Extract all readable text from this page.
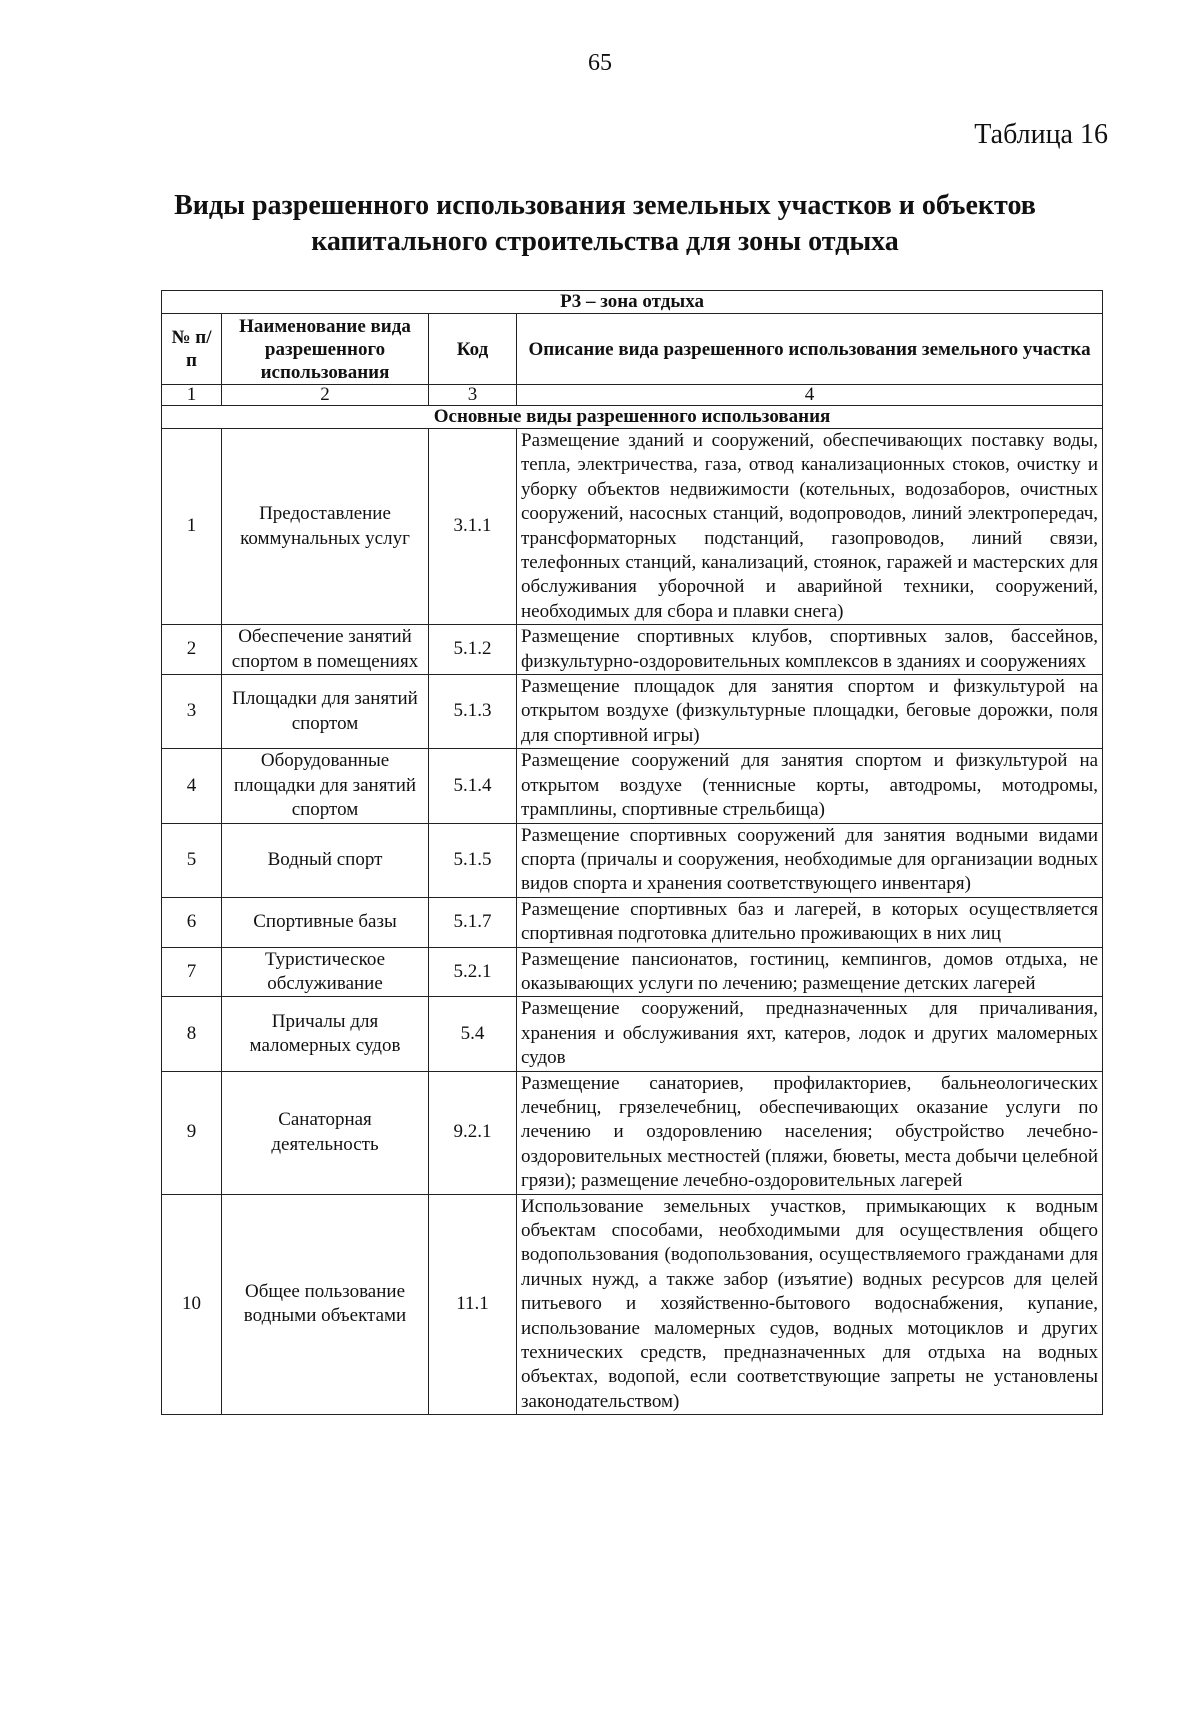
65
Таблица 16
Виды разрешенного использования земельных участков и объектов капитального строительства для зоны отдыха
Р3 – зона отдыха			
№ п/п	Наименование вида разрешенного использования	Код	Описание вида разрешенного использования земельного участка
1	2	3	4
Основные виды разрешенного использования			
1	Предоставление коммунальных услуг	3.1.1	Размещение зданий и сооружений, обеспечивающих поставку воды, тепла, электричества, газа, отвод канализационных стоков, очистку и уборку объектов недвижимости (котельных, водозаборов, очистных сооружений, насосных станций, водопроводов, линий электропередач, трансформаторных подстанций, газопроводов, линий связи, телефонных станций, канализаций, стоянок, гаражей и мастерских для обслуживания уборочной и аварийной техники, сооружений, необходимых для сбора и плавки снега)
2	Обеспечение занятий спортом в помещениях	5.1.2	Размещение спортивных клубов, спортивных залов, бассейнов, физкультурно-оздоровительных комплексов в зданиях и сооружениях
3	Площадки для занятий спортом	5.1.3	Размещение площадок для занятия спортом и физкультурой на открытом воздухе (физкультурные площадки, беговые дорожки, поля для спортивной игры)
4	Оборудованные площадки для занятий спортом	5.1.4	Размещение сооружений для занятия спортом и физкультурой на открытом воздухе (теннисные корты, автодромы, мотодромы, трамплины, спортивные стрельбища)
5	Водный спорт	5.1.5	Размещение спортивных сооружений для занятия водными видами спорта (причалы и сооружения, необходимые для организации водных видов спорта и хранения соответствующего инвентаря)
6	Спортивные базы	5.1.7	Размещение спортивных баз и лагерей, в которых осуществляется спортивная подготовка длительно проживающих в них лиц
7	Туристическое обслуживание	5.2.1	Размещение пансионатов, гостиниц, кемпингов, домов отдыха, не оказывающих услуги по лечению; размещение детских лагерей
8	Причалы для маломерных судов	5.4	Размещение сооружений, предназначенных для причаливания, хранения и обслуживания яхт, катеров, лодок и других маломерных судов
9	Санаторная деятельность	9.2.1	Размещение санаториев, профилакториев, бальнеологических лечебниц, грязелечебниц, обеспечивающих оказание услуги по лечению и оздоровлению населения; обустройство лечебно-оздоровительных местностей (пляжи, бюветы, места добычи целебной грязи); размещение лечебно-оздоровительных лагерей
10	Общее пользование водными объектами	11.1	Использование земельных участков, примыкающих к водным объектам способами, необходимыми для осуществления общего водопользования (водопользования, осуществляемого гражданами для личных нужд, а также забор (изъятие) водных ресурсов для целей питьевого и хозяйственно-бытового водоснабжения, купание, использование маломерных судов, водных мотоциклов и других технических средств, предназначенных для отдыха на водных объектах, водопой, если соответствующие запреты не установлены законодательством)
